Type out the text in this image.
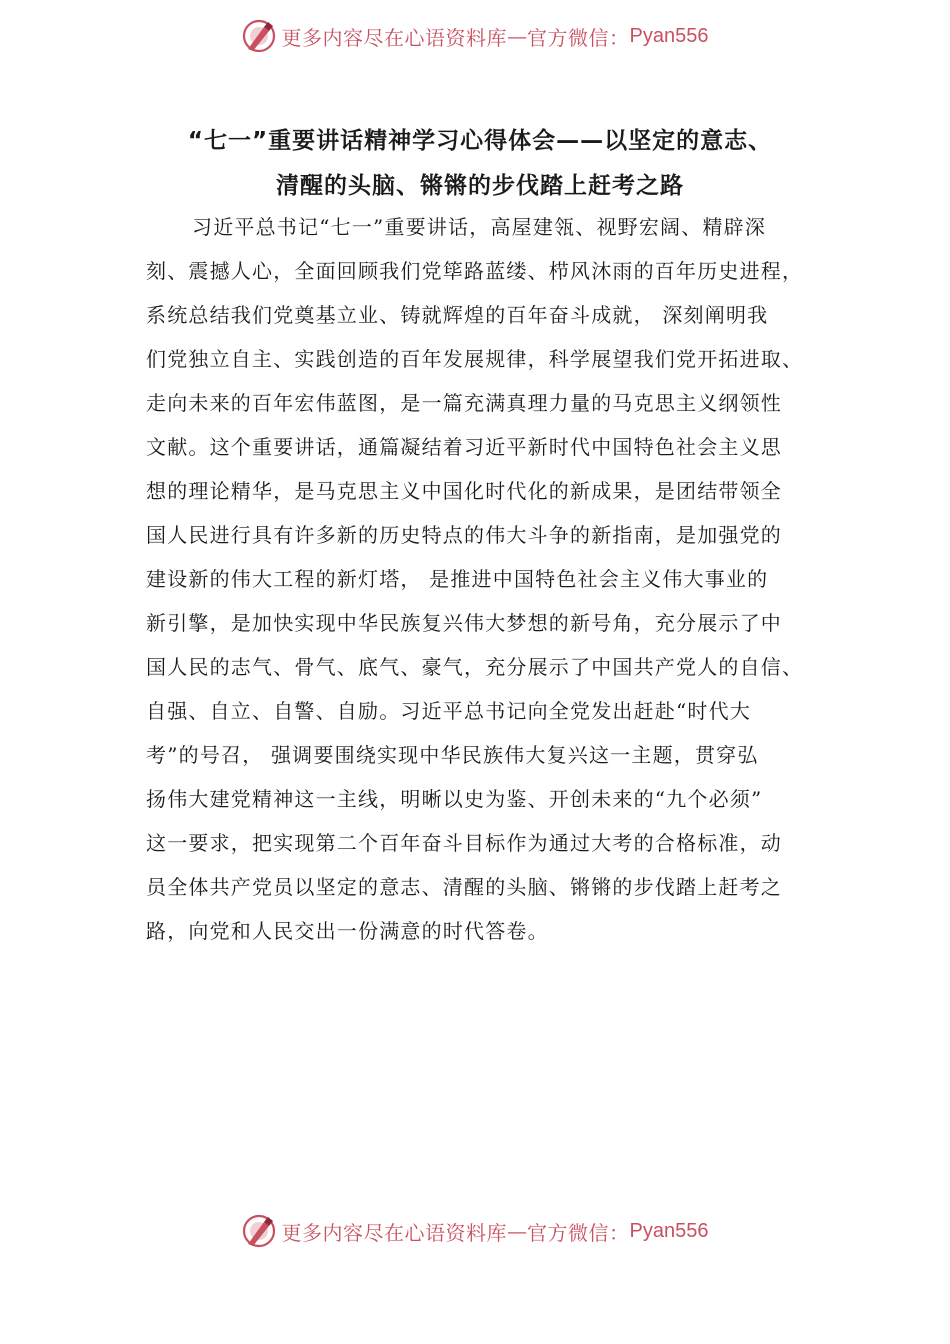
更多内容尽在心语资料库 — 官方微信： Pyan556
“七一”重要讲话精神学习心得体会——以坚定的意志、
清醒的头脑、锵锵的步伐踏上赶考之路
习近平总书记“七一”重要讲话，高屋建瓴、视野宏阔、精辟深
刻、震撼人心，全面回顾我们党筚路蓝缕、栉风沐雨的百年历史进程，
系统总结我们党奠基立业、铸就辉煌的百年奋斗成就， 深刻阐明我
们党独立自主、实践创造的百年发展规律，科学展望我们党开拓进取、
走向未来的百年宏伟蓝图，是一篇充满真理力量的马克思主义纲领性
文献。这个重要讲话，通篇凝结着习近平新时代中国特色社会主义思
想的理论精华，是马克思主义中国化时代化的新成果，是团结带领全
国人民进行具有许多新的历史特点的伟大斗争的新指南，是加强党的
建设新的伟大工程的新灯塔， 是推进中国特色社会主义伟大事业的
新引擎，是加快实现中华民族复兴伟大梦想的新号角，充分展示了中
国人民的志气、骨气、底气、豪气，充分展示了中国共产党人的自信、
自强、自立、自警、自励。习近平总书记向全党发出赶赴“时代大
考”的号召， 强调要围绕实现中华民族伟大复兴这一主题，贯穿弘
扬伟大建党精神这一主线，明晰以史为鉴、开创未来的“九个必须”
这一要求，把实现第二个百年奋斗目标作为通过大考的合格标准，动
员全体共产党员以坚定的意志、清醒的头脑、锵锵的步伐踏上赶考之
路，向党和人民交出一份满意的时代答卷。
更多内容尽在心语资料库 — 官方微信： Pyan556
